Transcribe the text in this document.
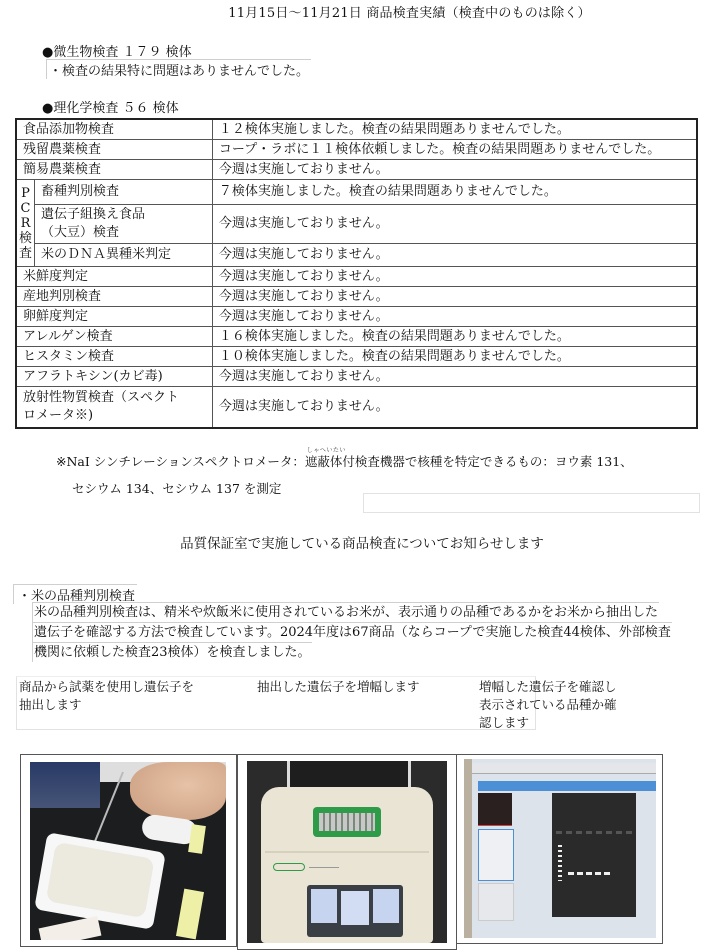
11月15日～11月21日 商品検査実績（検査中のものは除く）
●微生物検査 １７９ 検体
・検査の結果特に問題はありませんでした。
●理化学検査 ５６ 検体
食品添加物検査		１２検体実施しました。検査の結果問題ありませんでした。
残留農薬検査		コープ・ラボに１１検体依頼しました。検査の結果問題ありませんでした。
簡易農薬検査		今週は実施しておりません。

P
C
R
検
査	畜種判別検査	７検体実施しました。検査の結果問題ありませんでした。

	遺伝子組換え食品
（大豆）検査	今週は実施しておりません。
	米のＤＮＡ異種米判定	今週は実施しておりません。
米鮮度判定		今週は実施しておりません。
産地判別検査		今週は実施しておりません。
卵鮮度判定		今週は実施しておりません。
アレルゲン検査		１６検体実施しました。検査の結果問題ありませんでした。
ヒスタミン検査		１０検体実施しました。検査の結果問題ありませんでした。
アフラトキシン(カビ毒)		今週は実施しておりません。

放射性物質検査（スペクト
ロメータ※)		今週は実施しておりません。
※NaI シンチレーションスペクトロメータ：
しゃへいたい
遮蔽体付検査機器で核種を特定できるもの：ヨウ素 131、
セシウム 134、セシウム 137 を測定
品質保証室で実施している商品検査についてお知らせします
・米の品種判別検査
米の品種判別検査は、精米や炊飯米に使用されているお米が、表示通りの品種であるかをお米から抽出した
遺伝子を確認する方法で検査しています。2024年度は67商品（ならコープで実施した検査44検体、外部検査
機関に依頼した検査23検体）を検査しました。
商品から試薬を使用し遺伝子を
抽出します
抽出した遺伝子を増幅します	増幅した遺伝子を確認し
表示されている品種か確
認します
